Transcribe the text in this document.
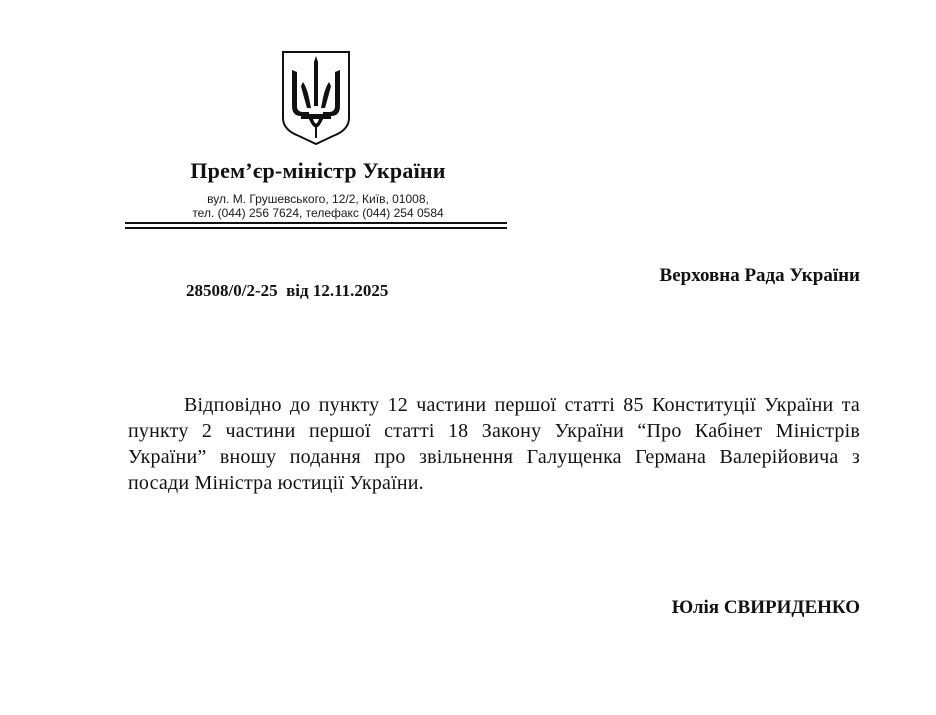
Прем’єр-міністр України
вул. М. Грушевського, 12/2, Київ, 01008,
тел. (044) 256 7624, телефакс (044) 254 0584
28508/0/2-25  від 12.11.2025
Верховна Рада України
Відповідно до пункту 12 частини першої статті 85 Конституції України та пункту 2 частини першої статті 18 Закону України “Про Кабінет Міністрів України” вношу подання про звільнення Галущенка Германа Валерійовича з посади Міністра юстиції України.
Юлія СВИРИДЕНКО
